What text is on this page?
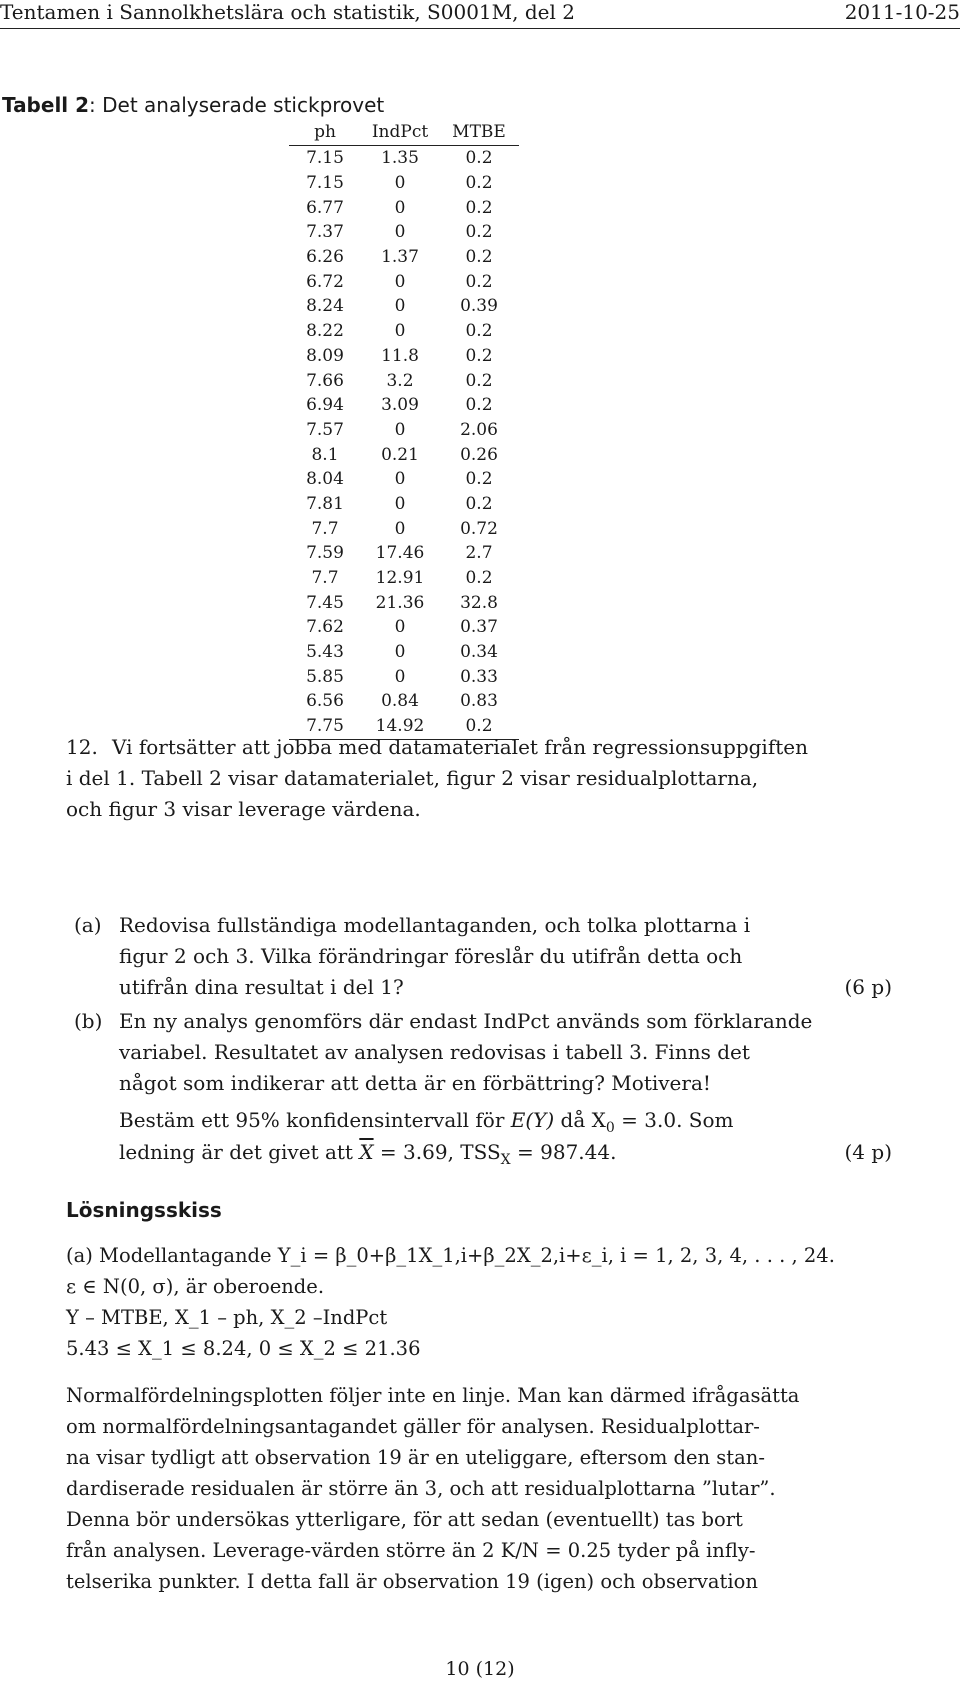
Tentamen i Sannolkhetslära och statistik, S0001M, del 2	2011-10-25
Tabell 2: Det analyserade stickprovet
ph	IndPct	MTBE
7.15	1.35	0.2
7.15	0	0.2
6.77	0	0.2
7.37	0	0.2
6.26	1.37	0.2
6.72	0	0.2
8.24	0	0.39
8.22	0	0.2
8.09	11.8	0.2
7.66	3.2	0.2
6.94	3.09	0.2
7.57	0	2.06
8.1	0.21	0.26
8.04	0	0.2
7.81	0	0.2
7.7	0	0.72
7.59	17.46	2.7
7.7	12.91	0.2
7.45	21.36	32.8
7.62	0	0.37
5.43	0	0.34
5.85	0	0.33
6.56	0.84	0.83
7.75	14.92	0.2
12. Vi fortsätter att jobba med datamaterialet från regressionsuppgiften
i del 1. Tabell 2 visar datamaterialet, figur 2 visar residualplottarna,
och figur 3 visar leverage värdena.
(a) Redovisa fullständiga modellantaganden, och tolka plottarna i
figur 2 och 3. Vilka förändringar föreslår du utifrån detta och
utifrån dina resultat i del 1?	(6 p)
(b) En ny analys genomförs där endast IndPct används som förklarande
variabel. Resultatet av analysen redovisas i tabell 3. Finns det
något som indikerar att detta är en förbättring? Motivera!
Bestäm ett 95% konfidensintervall för E(Y) då $X_0 = 3.0$. Som
ledning är det givet att $\overline{X} = 3.69$, $TSS_X = 987.44$.	(4 p)
Lösningsskiss
(a) Modellantagande Y_i = β_0+β_1X_1,i+β_2X_2,i+ε_i, i = 1, 2, 3, 4, . . . , 24.
ε ∈ N(0, σ), är oberoende.
Y – MTBE, X_1 – ph, X_2 –IndPct
5.43 ≤ X_1 ≤ 8.24, 0 ≤ X_2 ≤ 21.36
Normalfördelningsplotten följer inte en linje. Man kan därmed ifrågasätta
om normalfördelningsantagandet gäller för analysen. Residualplottar-
na visar tydligt att observation 19 är en uteliggare, eftersom den stan-
dardiserade residualen är större än 3, och att residualplottarna ”lutar”.
Denna bör undersökas ytterligare, för att sedan (eventuellt) tas bort
från analysen. Leverage-värden större än 2 K/N = 0.25 tyder på infly-
telserika punkter. I detta fall är observation 19 (igen) och observation
10 (12)
